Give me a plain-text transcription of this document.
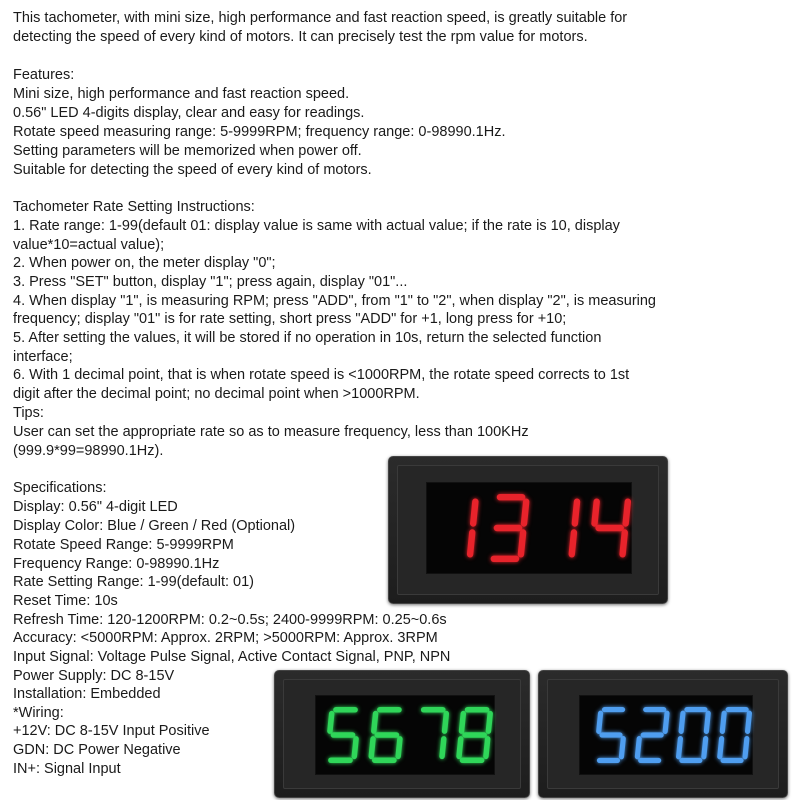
This tachometer, with mini size, high performance and fast reaction speed, is greatly suitable for
detecting the speed of every kind of motors. It can precisely test the rpm value for motors.
Features:
Mini size, high performance and fast reaction speed.
0.56" LED 4-digits display, clear and easy for readings.
Rotate speed measuring range: 5-9999RPM; frequency range: 0-98990.1Hz.
Setting parameters will be memorized when power off.
Suitable for detecting the speed of every kind of motors.
Tachometer Rate Setting Instructions:
1. Rate range: 1-99(default 01: display value is same with actual value; if the rate is 10, display
value*10=actual value);
2. When power on, the meter display "0";
3. Press "SET" button, display "1"; press again, display "01"...
4. When display "1", is measuring RPM; press "ADD", from "1" to "2", when display "2", is measuring
frequency; display "01" is for rate setting, short press "ADD" for +1, long press for +10;
5. After setting the values, it will be stored if no operation in 10s, return the selected function
interface;
6. With 1 decimal point, that is when rotate speed is <1000RPM, the rotate speed corrects to 1st
digit after the decimal point; no decimal point when >1000RPM.
Tips:
User can set the appropriate rate so as to measure frequency, less than 100KHz
(999.9*99=98990.1Hz).
Specifications:
Display: 0.56" 4-digit LED
Display Color: Blue / Green / Red (Optional)
Rotate Speed Range: 5-9999RPM
Frequency Range: 0-98990.1Hz
Rate Setting Range: 1-99(default: 01)
Reset Time: 10s
Refresh Time: 120-1200RPM: 0.2~0.5s; 2400-9999RPM: 0.25~0.6s
Accuracy: <5000RPM: Approx. 2RPM; >5000RPM: Approx. 3RPM
Input Signal: Voltage Pulse Signal, Active Contact Signal, PNP, NPN
Power Supply: DC 8-15V
Installation: Embedded
*Wiring:
+12V: DC 8-15V Input Positive
GDN: DC Power Negative
IN+: Signal Input
